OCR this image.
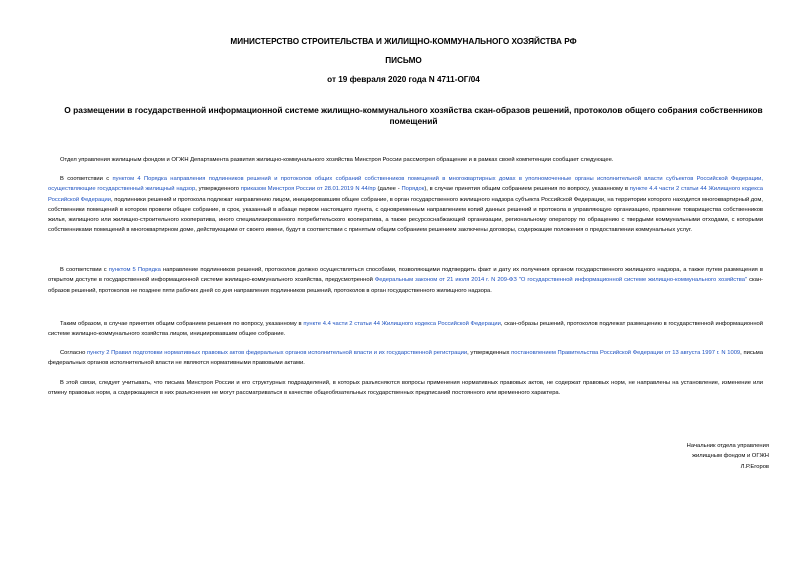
МИНИСТЕРСТВО СТРОИТЕЛЬСТВА И ЖИЛИЩНО-КОММУНАЛЬНОГО ХОЗЯЙСТВА РФ
ПИСЬМО
от 19 февраля 2020 года N 4711-ОГ/04
О размещении в государственной информационной системе жилищно-коммунального хозяйства скан-образов решений, протоколов общего собрания собственников помещений

Отдел управления жилищным фондом и ОГЖН Департамента развития жилищно-коммунального хозяйства Минстроя России рассмотрел обращение и в рамках своей компетенции сообщает следующее.

В соответствии с пунктом 4 Порядка направления подлинников решений и протоколов общих собраний собственников помещений в многоквартирных домах в уполномоченные органы исполнительной власти субъектов Российской Федерации, осуществляющие государственный жилищный надзор, утвержденного приказом Минстроя России от 28.01.2019 N 44/пр (далее - Порядок), в случае принятия общим собранием решения по вопросу, указанному в пункте 4.4 части 2 статьи 44 Жилищного кодекса Российской Федерации, подлинники решений и протокола подлежат направлению лицом, инициировавшим общее собрание, в орган государственного жилищного надзора субъекта Российской Федерации, на территории которого находится многоквартирный дом, собственники помещений в котором провели общее собрание, в срок, указанный в абзаце первом настоящего пункта, с одновременным направлением копий данных решений и протокола в управляющую организацию, правление товарищества собственников жилья, жилищного или жилищно-строительного кооператива, иного специализированного потребительского кооператива, а также ресурсоснабжающей организации, региональному оператору по обращению с твердыми коммунальными отходами, с которыми собственниками помещений в многоквартирном доме, действующими от своего имени, будут в соответствии с принятым общим собранием решением заключены договоры, содержащие положения о предоставлении коммунальных услуг.

В соответствии с пунктом 5 Порядка направление подлинников решений, протоколов должно осуществляться способами, позволяющими подтвердить факт и дату их получения органом государственного жилищного надзора, а также путем размещения в открытом доступе в государственной информационной системе жилищно-коммунального хозяйства, предусмотренной Федеральным законом от 21 июля 2014 г. N 209-ФЗ "О государственной информационной системе жилищно-коммунального хозяйства" скан-образов решений, протоколов не позднее пяти рабочих дней со дня направления подлинников решений, протоколов в орган государственного жилищного надзора.

Таким образом, в случае принятия общим собранием решения по вопросу, указанному в пункте 4.4 части 2 статьи 44 Жилищного кодекса Российской Федерации, скан-образы решений, протоколов подлежат размещению в государственной информационной системе жилищно-коммунального хозяйства лицом, инициировавшим общее собрание.

Согласно пункту 2 Правил подготовки нормативных правовых актов федеральных органов исполнительной власти и их государственной регистрации, утвержденных постановлением Правительства Российской Федерации от 13 августа 1997 г. N 1009, письма федеральных органов исполнительной власти не являются нормативными правовыми актами.

В этой связи, следует учитывать, что письма Минстроя России и его структурных подразделений, в которых разъясняются вопросы применения нормативных правовых актов, не содержат правовых норм, не направлены на установление, изменение или отмену правовых норм, а содержащиеся в них разъяснения не могут рассматриваться в качестве общеобязательных государственных предписаний постоянного или временного характера.

Начальник отдела управления
жилищным фондом и ОГЖН
Л.Р.Егоров
